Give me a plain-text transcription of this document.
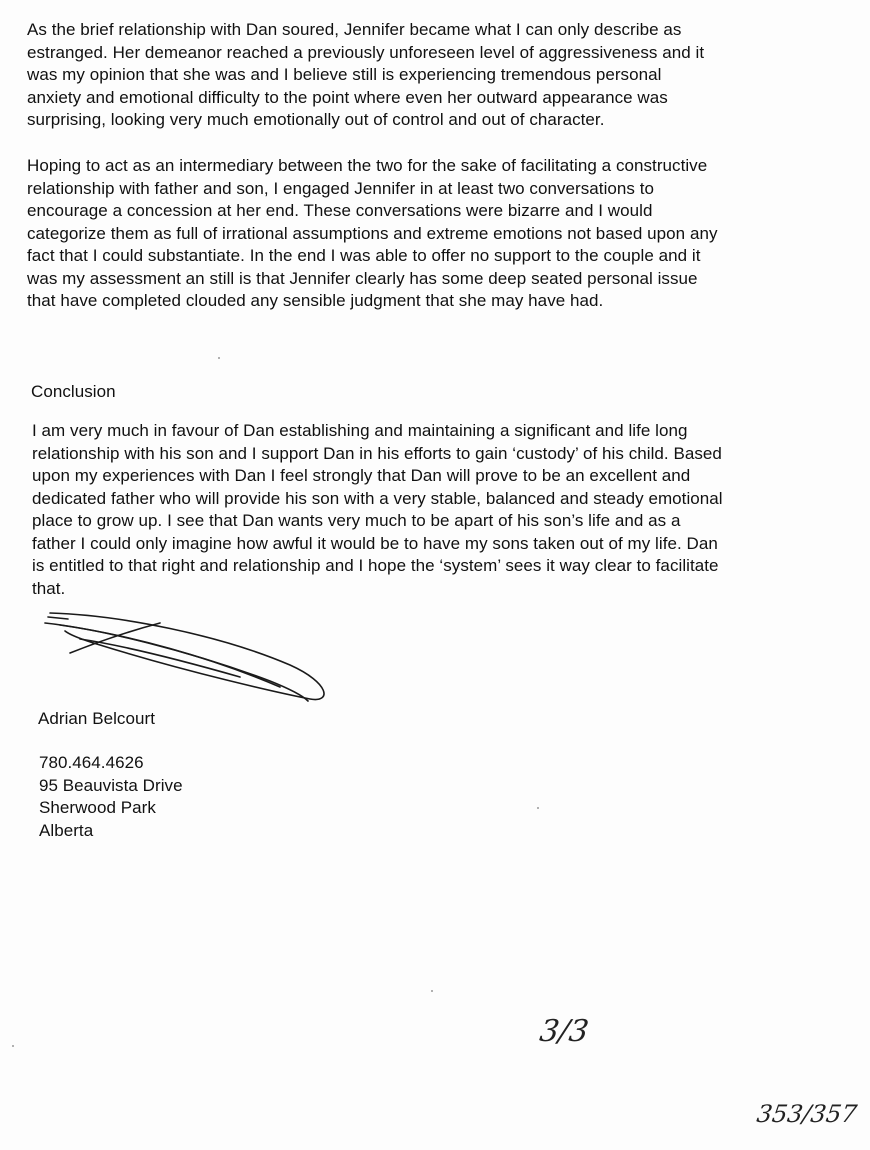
As the brief relationship with Dan soured, Jennifer became what I can only describe as
estranged. Her demeanor reached a previously unforeseen level of aggressiveness and it
was my opinion that she was and I believe still is experiencing tremendous personal
anxiety and emotional difficulty to the point where even her outward appearance was
surprising, looking very much emotionally out of control and out of character.
Hoping to act as an intermediary between the two for the sake of facilitating a constructive
relationship with father and son, I engaged Jennifer in at least two conversations to
encourage a concession at her end. These conversations were bizarre and I would
categorize them as full of irrational assumptions and extreme emotions not based upon any
fact that I could substantiate. In the end I was able to offer no support to the couple and it
was my assessment an still is that Jennifer clearly has some deep seated personal issue
that have completed clouded any sensible judgment that she may have had.
Conclusion
I am very much in favour of Dan establishing and maintaining a significant and life long
relationship with his son and I support Dan in his efforts to gain ‘custody’ of his child. Based
upon my experiences with Dan I feel strongly that Dan will prove to be an excellent and
dedicated father who will provide his son with a very stable, balanced and steady emotional
place to grow up. I see that Dan wants very much to be apart of his son’s life and as a
father I could only imagine how awful it would be to have my sons taken out of my life. Dan
is entitled to that right and relationship and I hope the ‘system’ sees it way clear to facilitate
that.
Adrian Belcourt
780.464.4626
95 Beauvista Drive
Sherwood Park
Alberta
3/3
353/357
